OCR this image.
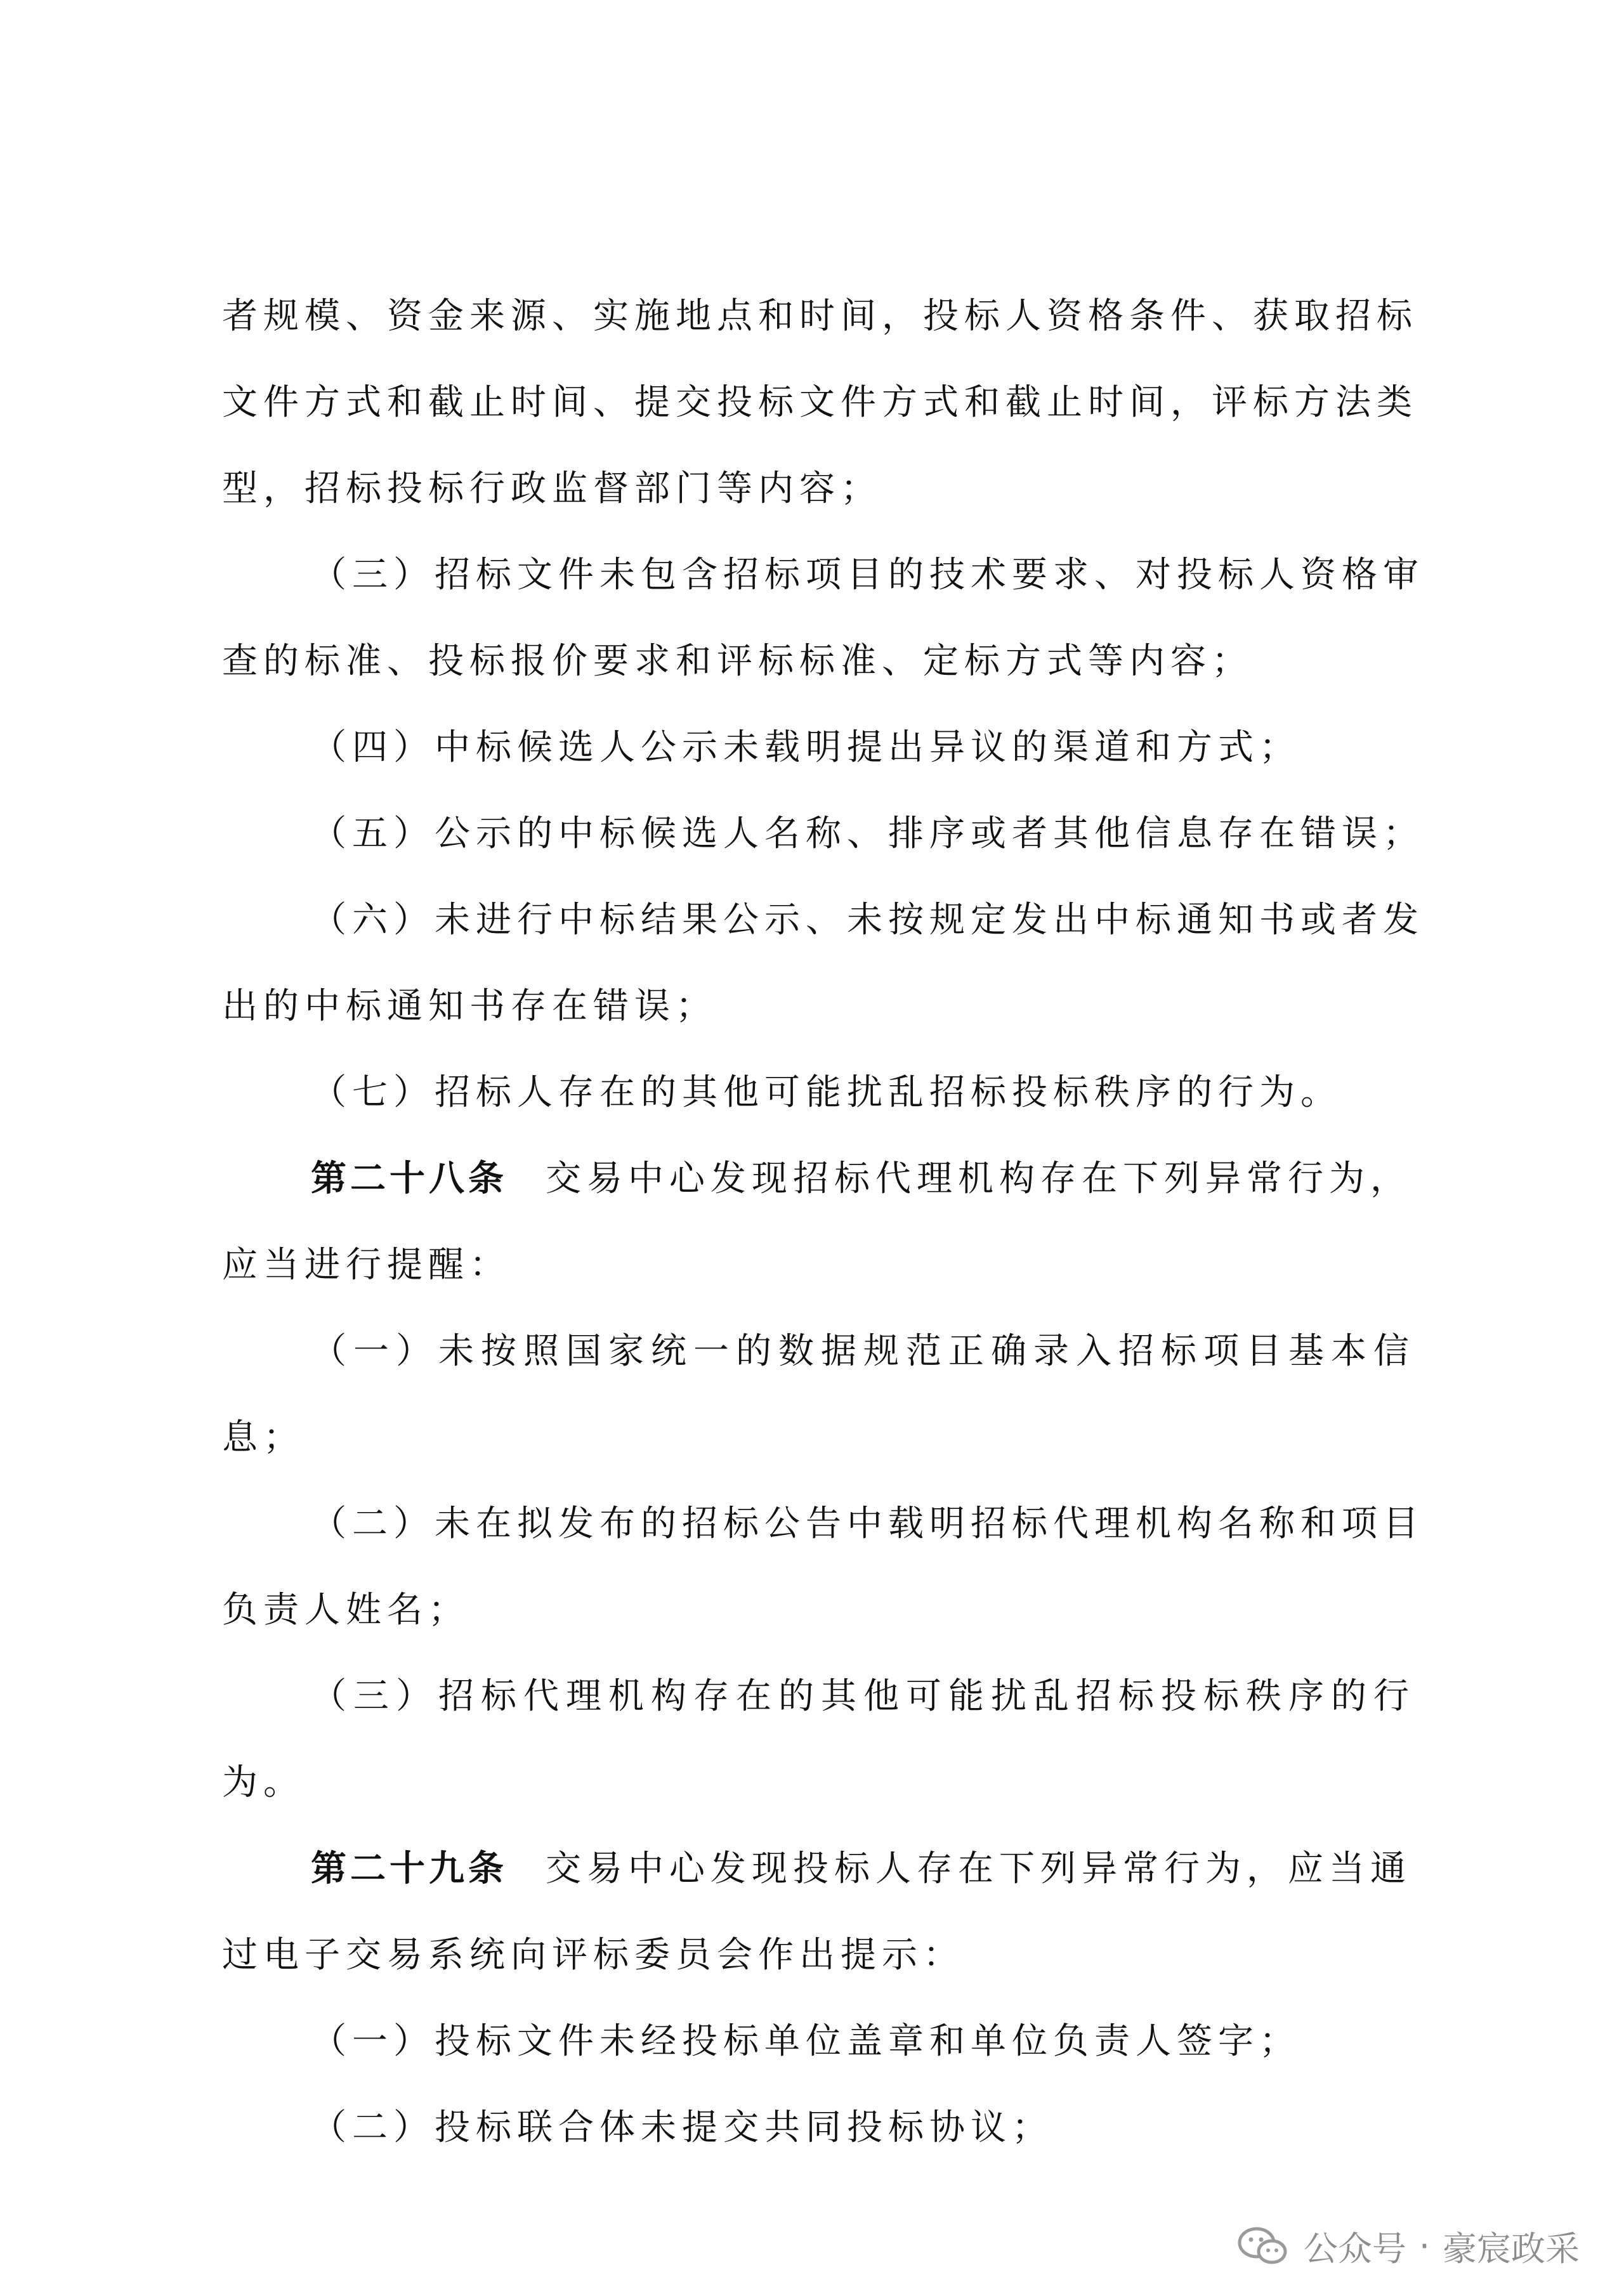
者规模、资金来源、实施地点和时间，投标人资格条件、获取招标
文件方式和截止时间、提交投标文件方式和截止时间，评标方法类
型，招标投标行政监督部门等内容；
（三）招标文件未包含招标项目的技术要求、对投标人资格审
查的标准、投标报价要求和评标标准、定标方式等内容；
（四）中标候选人公示未载明提出异议的渠道和方式；
（五）公示的中标候选人名称、排序或者其他信息存在错误；
（六）未进行中标结果公示、未按规定发出中标通知书或者发
出的中标通知书存在错误；
（七）招标人存在的其他可能扰乱招标投标秩序的行为。
第二十八条 交易中心发现招标代理机构存在下列异常行为，
应当进行提醒：
（一）未按照国家统一的数据规范正确录入招标项目基本信
息；
（二）未在拟发布的招标公告中载明招标代理机构名称和项目
负责人姓名；
（三）招标代理机构存在的其他可能扰乱招标投标秩序的行
为。
第二十九条 交易中心发现投标人存在下列异常行为，应当通
过电子交易系统向评标委员会作出提示：
（一）投标文件未经投标单位盖章和单位负责人签字；
（二）投标联合体未提交共同投标协议；
公众号 · 豪宸政采
